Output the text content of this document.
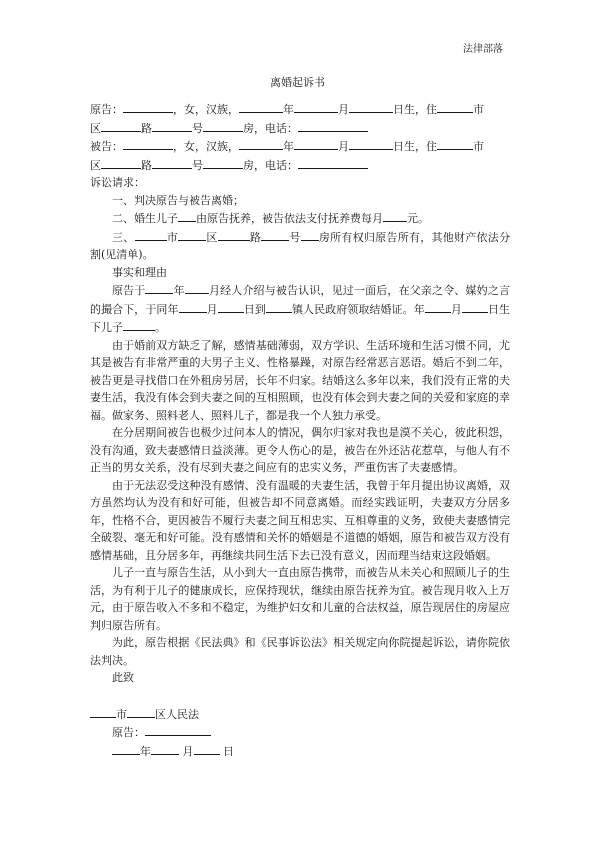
法律部落
离婚起诉书

原告：	，女，汉族，	年	月	日生，住	市
区	路	号	房，电话：

被告：	，女，汉族，	年	月	日生，住	市
区	路	号	房，电话：

诉讼请求：

一、判决原告与被告离婚；

二、婚生儿子 由原告抚养，被告依法支付抚养费每月 元。

三、	市	区	路	号 房所有权归原告所有，其他财产依法分割(见清单)。

事实和理由

原告于	年 月经人介绍与被告认识，见过一面后，在父亲之令、媒妁之言的撮合下，于同年	月 日到 镇人民政府领取结婚证。年 月 日生下儿子	。

由于婚前双方缺乏了解，感情基础薄弱，双方学识、生活环境和生活习惯不同，尤其是被告有非常严重的大男子主义、性格暴躁，对原告经常恶言恶语。婚后不到二年，被告更是寻找借口在外租房另居，长年不归家。结婚这么多年以来，我们没有正常的夫妻生活，我没有体会到夫妻之间的互相照顾，也没有体会到夫妻之间的关爱和家庭的幸福。做家务、照料老人、照料儿子，都是我一个人独力承受。

在分居期间被告也极少过问本人的情况，偶尔归家对我也是漠不关心，彼此积怨，没有沟通，致夫妻感情日益淡薄。更令人伤心的是，被告在外还沾花惹草，与他人有不正当的男女关系，没有尽到夫妻之间应有的忠实义务，严重伤害了夫妻感情。

由于无法忍受这种没有感情、没有温暖的夫妻生活，我曾于年月提出协议离婚，双方虽然均认为没有和好可能，但被告却不同意离婚。而经实践证明，夫妻双方分居多年，性格不合，更因被告不履行夫妻之间互相忠实、互相尊重的义务，致使夫妻感情完全破裂、毫无和好可能。没有感情和关怀的婚姻是不道德的婚姻，原告和被告双方没有感情基础，且分居多年，再继续共同生活下去已没有意义，因而理当结束这段婚姻。

儿子一直与原告生活，从小到大一直由原告携带，而被告从未关心和照顾儿子的生活，为有利于儿子的健康成长，应保持现状，继续由原告抚养为宜。被告现月收入上万元，由于原告收入不多和不稳定，为维护妇女和儿童的合法权益，原告现居住的房屋应判归原告所有。

为此，原告根据《民法典》和《民事诉讼法》相关规定向你院提起诉讼，请你院依法判决。

此致

市	区人民法

原告：

年	月	日
